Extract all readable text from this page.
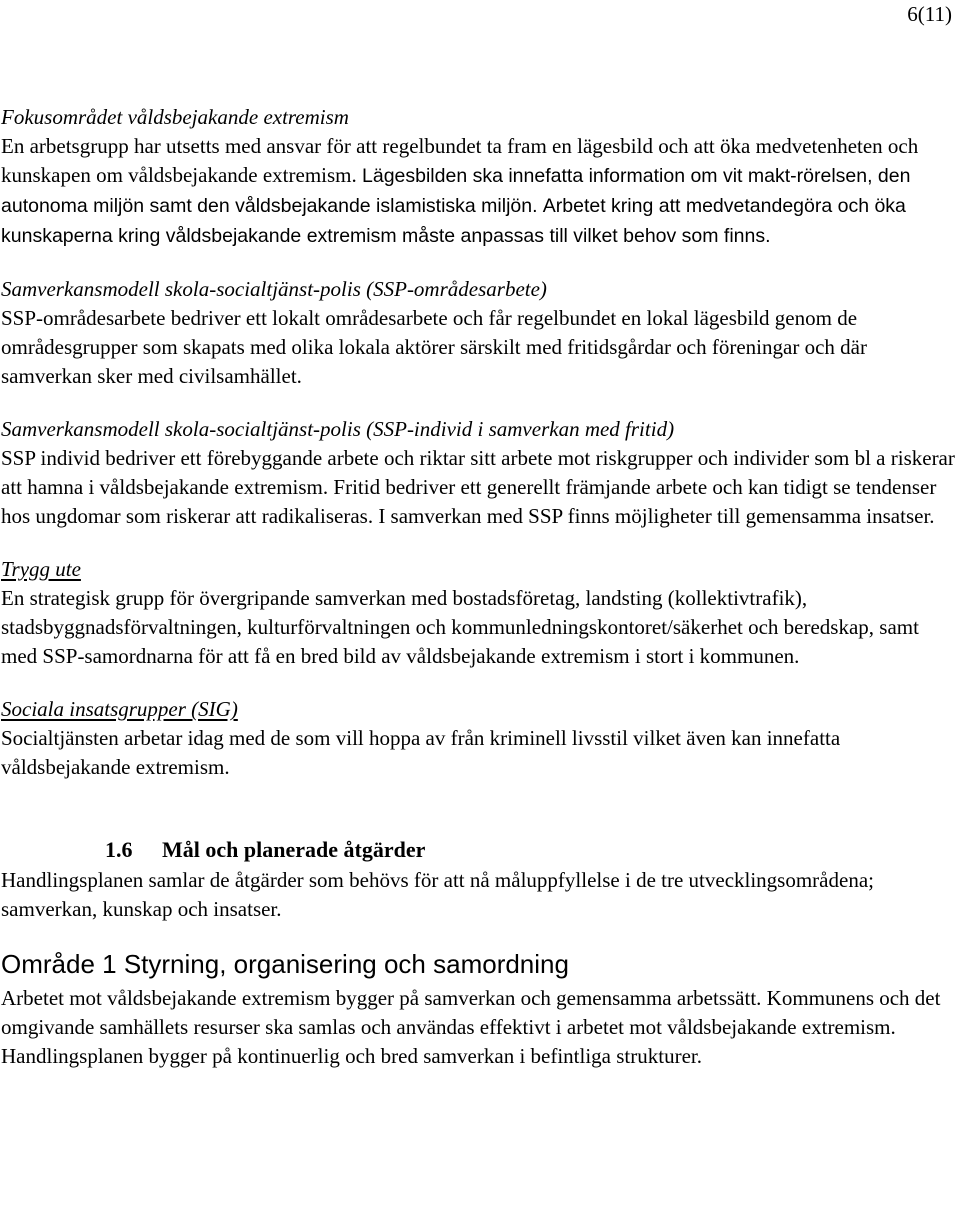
6(11)

Fokusområdet våldsbejakande extremism

En arbetsgrupp har utsetts med ansvar för att regelbundet ta fram en lägesbild och att öka medvetenheten och kunskapen om våldsbejakande extremism. Lägesbilden ska innefatta information om vit makt-rörelsen, den autonoma miljön samt den våldsbejakande islamistiska miljön. Arbetet kring att medvetandegöra och öka kunskaperna kring våldsbejakande extremism måste anpassas till vilket behov som finns.

Samverkansmodell skola-socialtjänst-polis (SSP-områdesarbete)

SSP-områdesarbete bedriver ett lokalt områdesarbete och får regelbundet en lokal lägesbild genom de områdesgrupper som skapats med olika lokala aktörer särskilt med fritidsgårdar och föreningar och där samverkan sker med civilsamhället.

Samverkansmodell skola-socialtjänst-polis (SSP-individ i samverkan med fritid)

SSP individ bedriver ett förebyggande arbete och riktar sitt arbete mot riskgrupper och individer som bl a riskerar att hamna i våldsbejakande extremism. Fritid bedriver ett generellt främjande arbete och kan tidigt se tendenser hos ungdomar som riskerar att radikaliseras. I samverkan med SSP finns möjligheter till gemensamma insatser.

Trygg ute

En strategisk grupp för övergripande samverkan med bostadsföretag, landsting (kollektivtrafik), stadsbyggnadsförvaltningen, kulturförvaltningen och kommunledningskontoret/säkerhet och beredskap, samt med SSP-samordnarna för att få en bred bild av våldsbejakande extremism i stort i kommunen.

Sociala insatsgrupper (SIG)

Socialtjänsten arbetar idag med de som vill hoppa av från kriminell livsstil vilket även kan innefatta våldsbejakande extremism.

1.6 Mål och planerade åtgärder

Handlingsplanen samlar de åtgärder som behövs för att nå måluppfyllelse i de tre utvecklingsområdena; samverkan, kunskap och insatser.

Område 1 Styrning, organisering och samordning

Arbetet mot våldsbejakande extremism bygger på samverkan och gemensamma arbetssätt. Kommunens och det omgivande samhällets resurser ska samlas och användas effektivt i arbetet mot våldsbejakande extremism. Handlingsplanen bygger på kontinuerlig och bred samverkan i befintliga strukturer.
